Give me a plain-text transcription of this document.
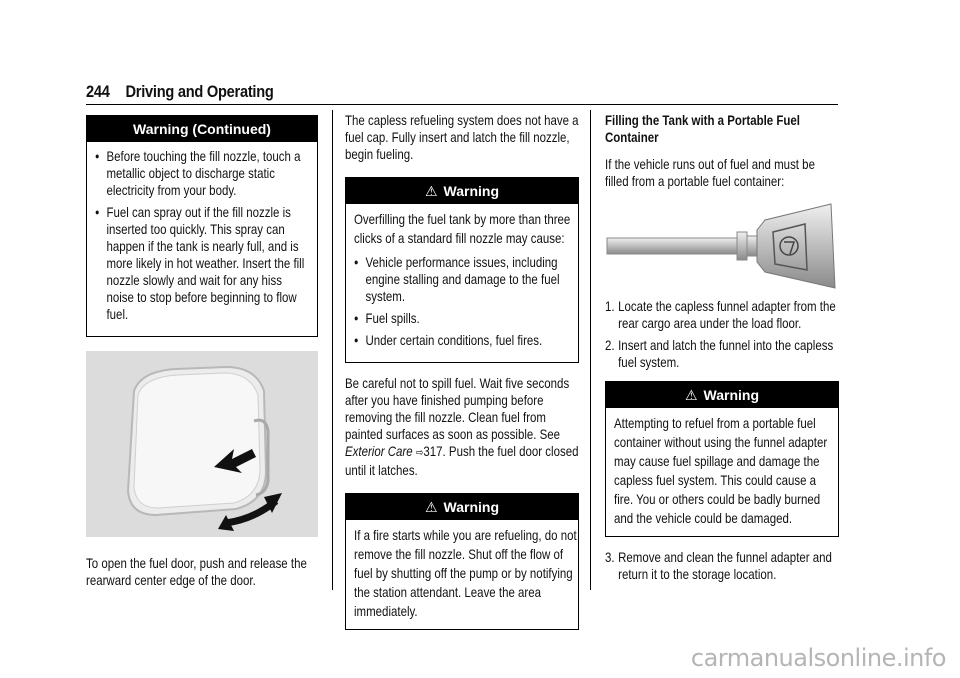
244 Driving and Operating
Warning (Continued)
● Before touching the fill nozzle, touch a metallic object to discharge static electricity from your body.
● Fuel can spray out if the fill nozzle is inserted too quickly. This spray can happen if the tank is nearly full, and is more likely in hot weather. Insert the fill nozzle slowly and wait for any hiss noise to stop before beginning to flow fuel.

To open the fuel door, push and release the rearward center edge of the door.

The capless refueling system does not have a fuel cap. Fully insert and latch the fill nozzle, begin fueling.

⚠ Warning

Overfilling the fuel tank by more than three clicks of a standard fill nozzle may cause:

● Vehicle performance issues, including engine stalling and damage to the fuel system.
● Fuel spills.
● Under certain conditions, fuel fires.

Be careful not to spill fuel. Wait five seconds after you have finished pumping before removing the fill nozzle. Clean fuel from painted surfaces as soon as possible. See Exterior Care ⇨317. Push the fuel door closed until it latches.

⚠ Warning

If a fire starts while you are refueling, do not remove the fill nozzle. Shut off the flow of fuel by shutting off the pump or by notifying the station attendant. Leave the area immediately.

Filling the Tank with a Portable Fuel Container

If the vehicle runs out of fuel and must be filled from a portable fuel container:

1. Locate the capless funnel adapter from the rear cargo area under the load floor.
2. Insert and latch the funnel into the capless fuel system.
⚠ Warning

Attempting to refuel from a portable fuel container without using the funnel adapter may cause fuel spillage and damage the capless fuel system. This could cause a fire. You or others could be badly burned and the vehicle could be damaged.

3. Remove and clean the funnel adapter and return it to the storage location.
carmanualsonline.info
